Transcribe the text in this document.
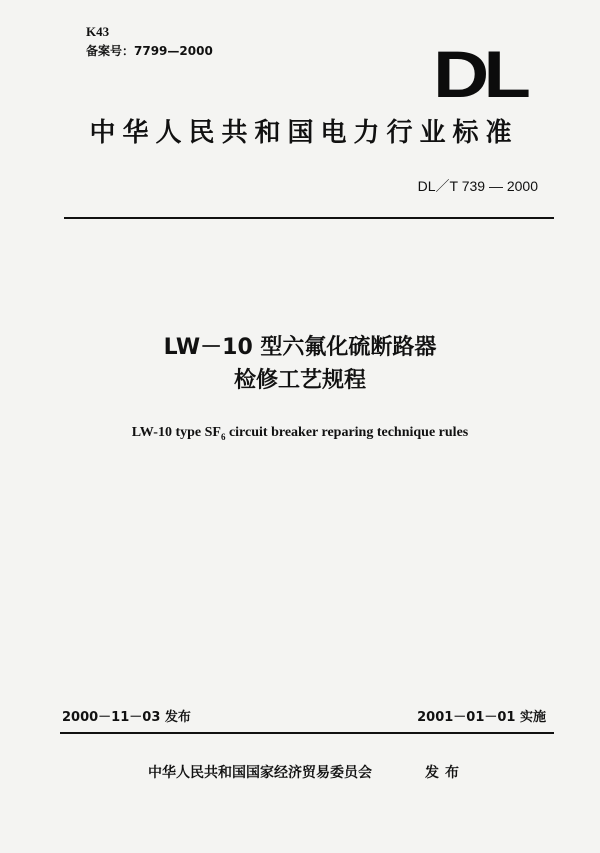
K43
备案号：7799—2000	DL
中华人民共和国电力行业标准
DL／T 739 — 2000
LW－10 型六氟化硫断路器
检修工艺规程
LW-10 type $SF_6$ circuit breaker reparing technique rules
2000－11－03 发布	2001－01－01 实施
中华人民共和国国家经济贸易委员会	发布
